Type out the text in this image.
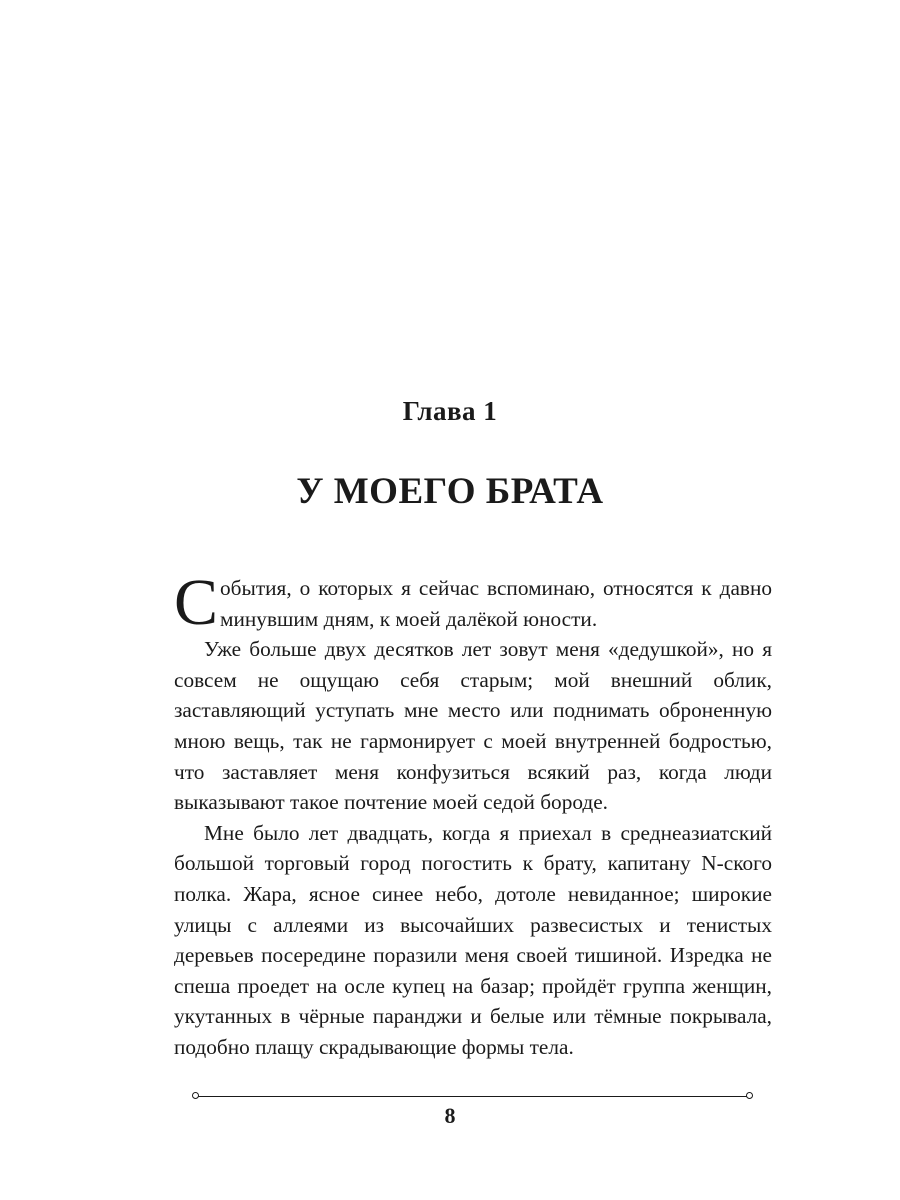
Глава 1
У МОЕГО БРАТА

События, о которых я сейчас вспоминаю, относятся к давно минувшим дням, к моей далёкой юности.

Уже больше двух десятков лет зовут меня «дедушкой», но я совсем не ощущаю себя старым; мой внешний облик, заставляющий уступать мне место или поднимать оброненную мною вещь, так не гармонирует с моей внутренней бодростью, что заставляет меня конфузиться всякий раз, когда люди выказывают такое почтение моей седой бороде.

Мне было лет двадцать, когда я приехал в среднеазиатский большой торговый город погостить к брату, капитану N-ского полка. Жара, ясное синее небо, дотоле невиданное; широкие улицы с аллеями из высочайших развесистых и тенистых деревьев посередине поразили меня своей тишиной. Изредка не спеша проедет на осле купец на базар; пройдёт группа женщин, укутанных в чёрные паранджи и белые или тёмные покрывала, подобно плащу скрадывающие формы тела.

8
